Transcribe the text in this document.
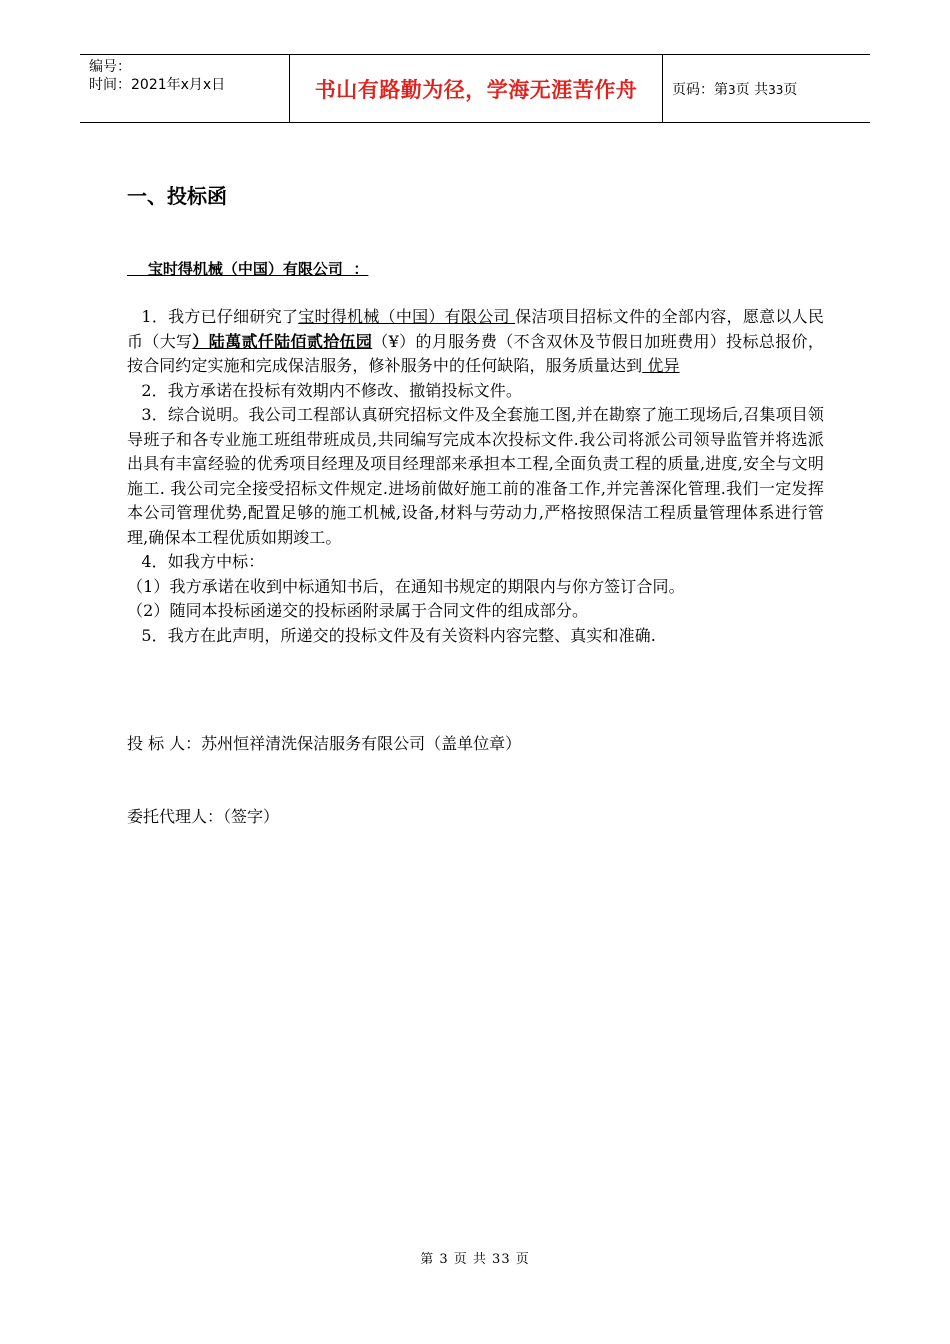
编号：
时间：2021年x月x日	书山有路勤为径，学海无涯苦作舟	页码：第3页 共33页
一、投标函
宝时得机械（中国）有限公司  ：

1．我方已仔细研究了宝时得机械（中国）有限公司 保洁项目招标文件的全部内容，愿意以人民币（大写）陆萬贰仟陆佰贰拾伍园（¥）的月服务费（不含双休及节假日加班费用）投标总报价，按合同约定实施和完成保洁服务，修补服务中的任何缺陷，服务质量达到 优异

2．我方承诺在投标有效期内不修改、撤销投标文件。

3．综合说明。我公司工程部认真研究招标文件及全套施工图,并在勘察了施工现场后,召集项目领导班子和各专业施工班组带班成员,共同编写完成本次投标文件.我公司将派公司领导监管并将选派出具有丰富经验的优秀项目经理及项目经理部来承担本工程,全面负责工程的质量,进度,安全与文明施工. 我公司完全接受招标文件规定.进场前做好施工前的准备工作,并完善深化管理.我们一定发挥本公司管理优势,配置足够的施工机械,设备,材料与劳动力,严格按照保洁工程质量管理体系进行管理,确保本工程优质如期竣工。

4．如我方中标：

（1）我方承诺在收到中标通知书后，在通知书规定的期限内与你方签订合同。

（2）随同本投标函递交的投标函附录属于合同文件的组成部分。

5．我方在此声明，所递交的投标文件及有关资料内容完整、真实和准确.

投 标 人：苏州恒祥清洗保洁服务有限公司（盖单位章）
委托代理人：（签字）
第 3 页 共 33 页
